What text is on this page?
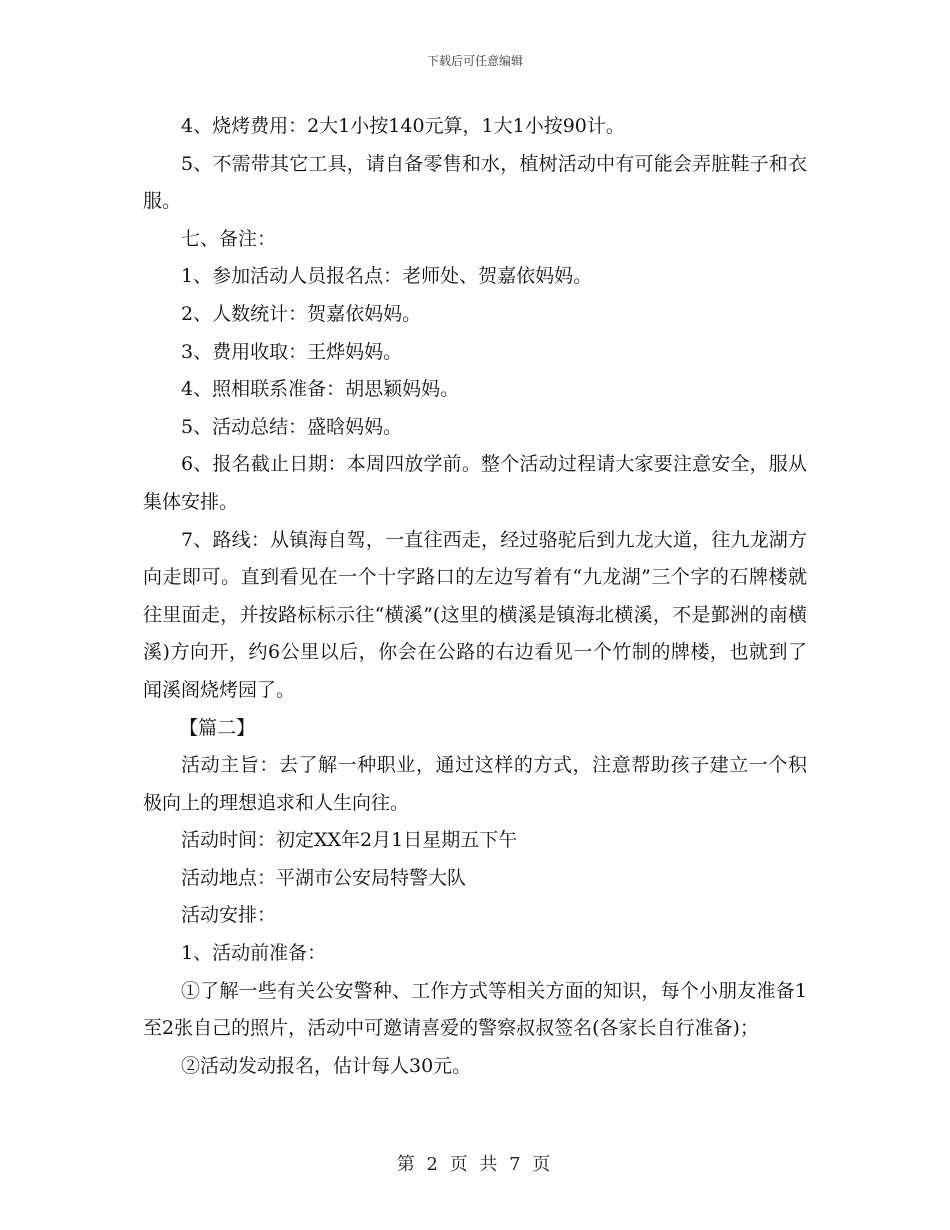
下载后可任意编辑

4、烧烤费用：2大1小按140元算，1大1小按90计。

5、不需带其它工具，请自备零售和水，植树活动中有可能会弄脏鞋子和衣服。

七、备注：

1、参加活动人员报名点：老师处、贺嘉依妈妈。

2、人数统计：贺嘉依妈妈。

3、费用收取：王烨妈妈。

4、照相联系准备：胡思颖妈妈。

5、活动总结：盛晗妈妈。

6、报名截止日期：本周四放学前。整个活动过程请大家要注意安全，服从集体安排。

7、路线：从镇海自驾，一直往西走，经过骆驼后到九龙大道，往九龙湖方向走即可。直到看见在一个十字路口的左边写着有“九龙湖”三个字的石牌楼就往里面走，并按路标标示往“横溪”(这里的横溪是镇海北横溪，不是鄞洲的南横溪)方向开，约6公里以后，你会在公路的右边看见一个竹制的牌楼，也就到了闻溪阁烧烤园了。

【篇二】

活动主旨：去了解一种职业，通过这样的方式，注意帮助孩子建立一个积极向上的理想追求和人生向往。

活动时间：初定XX年2月1日星期五下午

活动地点：平湖市公安局特警大队

活动安排：

1、活动前准备：

①了解一些有关公安警种、工作方式等相关方面的知识，每个小朋友准备1至2张自己的照片，活动中可邀请喜爱的警察叔叔签名(各家长自行准备)；

②活动发动报名，估计每人30元。

第 2 页 共 7 页
